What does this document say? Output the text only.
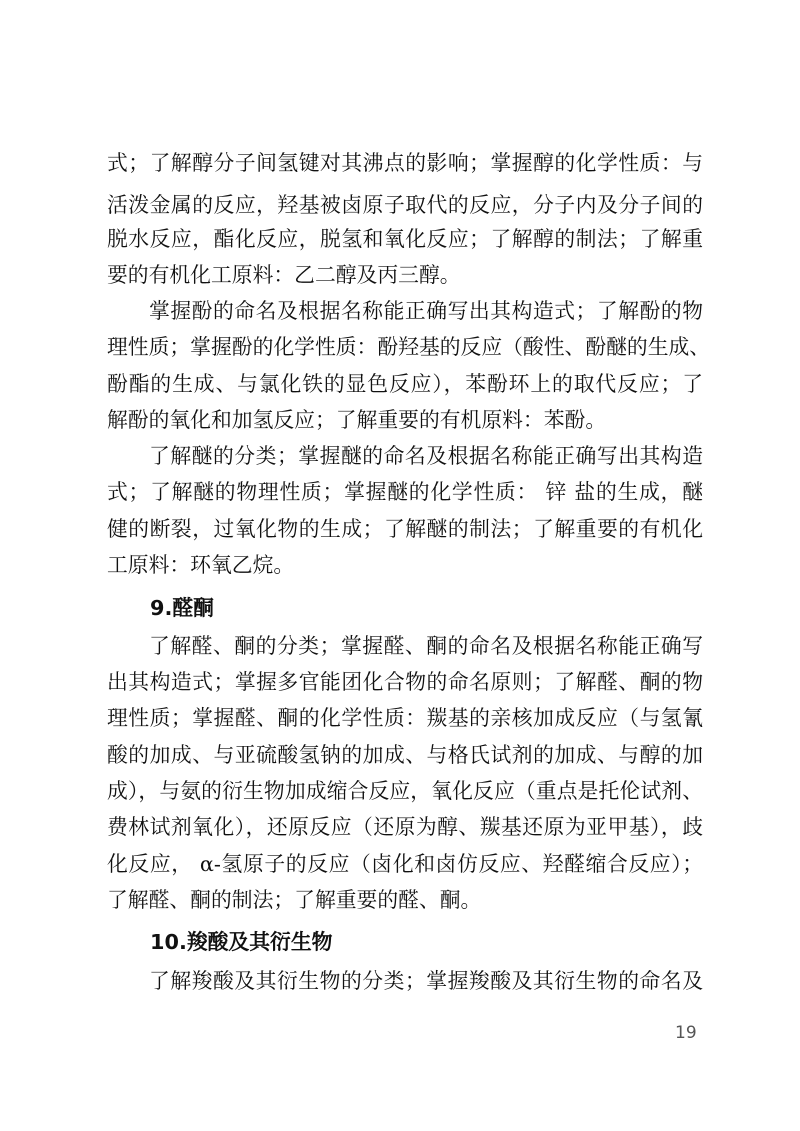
式；了解醇分子间氢键对其沸点的影响；掌握醇的化学性质：与
活泼金属的反应，羟基被卤原子取代的反应，分子内及分子间的
脱水反应，酯化反应，脱氢和氧化反应；了解醇的制法；了解重
要的有机化工原料：乙二醇及丙三醇。
掌握酚的命名及根据名称能正确写出其构造式；了解酚的物
理性质；掌握酚的化学性质：酚羟基的反应（酸性、酚醚的生成、
酚酯的生成、与氯化铁的显色反应），苯酚环上的取代反应；了
解酚的氧化和加氢反应；了解重要的有机原料：苯酚。
了解醚的分类；掌握醚的命名及根据名称能正确写出其构造
式；了解醚的物理性质；掌握醚的化学性质： 锌 盐的生成，醚
健的断裂，过氧化物的生成；了解醚的制法；了解重要的有机化
工原料：环氧乙烷。
9.醛酮
了解醛、酮的分类；掌握醛、酮的命名及根据名称能正确写
出其构造式；掌握多官能团化合物的命名原则；了解醛、酮的物
理性质；掌握醛、酮的化学性质：羰基的亲核加成反应（与氢氰
酸的加成、与亚硫酸氢钠的加成、与格氏试剂的加成、与醇的加
成），与氨的衍生物加成缩合反应，氧化反应（重点是托伦试剂、
费林试剂氧化），还原反应（还原为醇、羰基还原为亚甲基），歧
化反应， α-氢原子的反应（卤化和卤仿反应、羟醛缩合反应）；
了解醛、酮的制法；了解重要的醛、酮。
10.羧酸及其衍生物
了解羧酸及其衍生物的分类；掌握羧酸及其衍生物的命名及
19
